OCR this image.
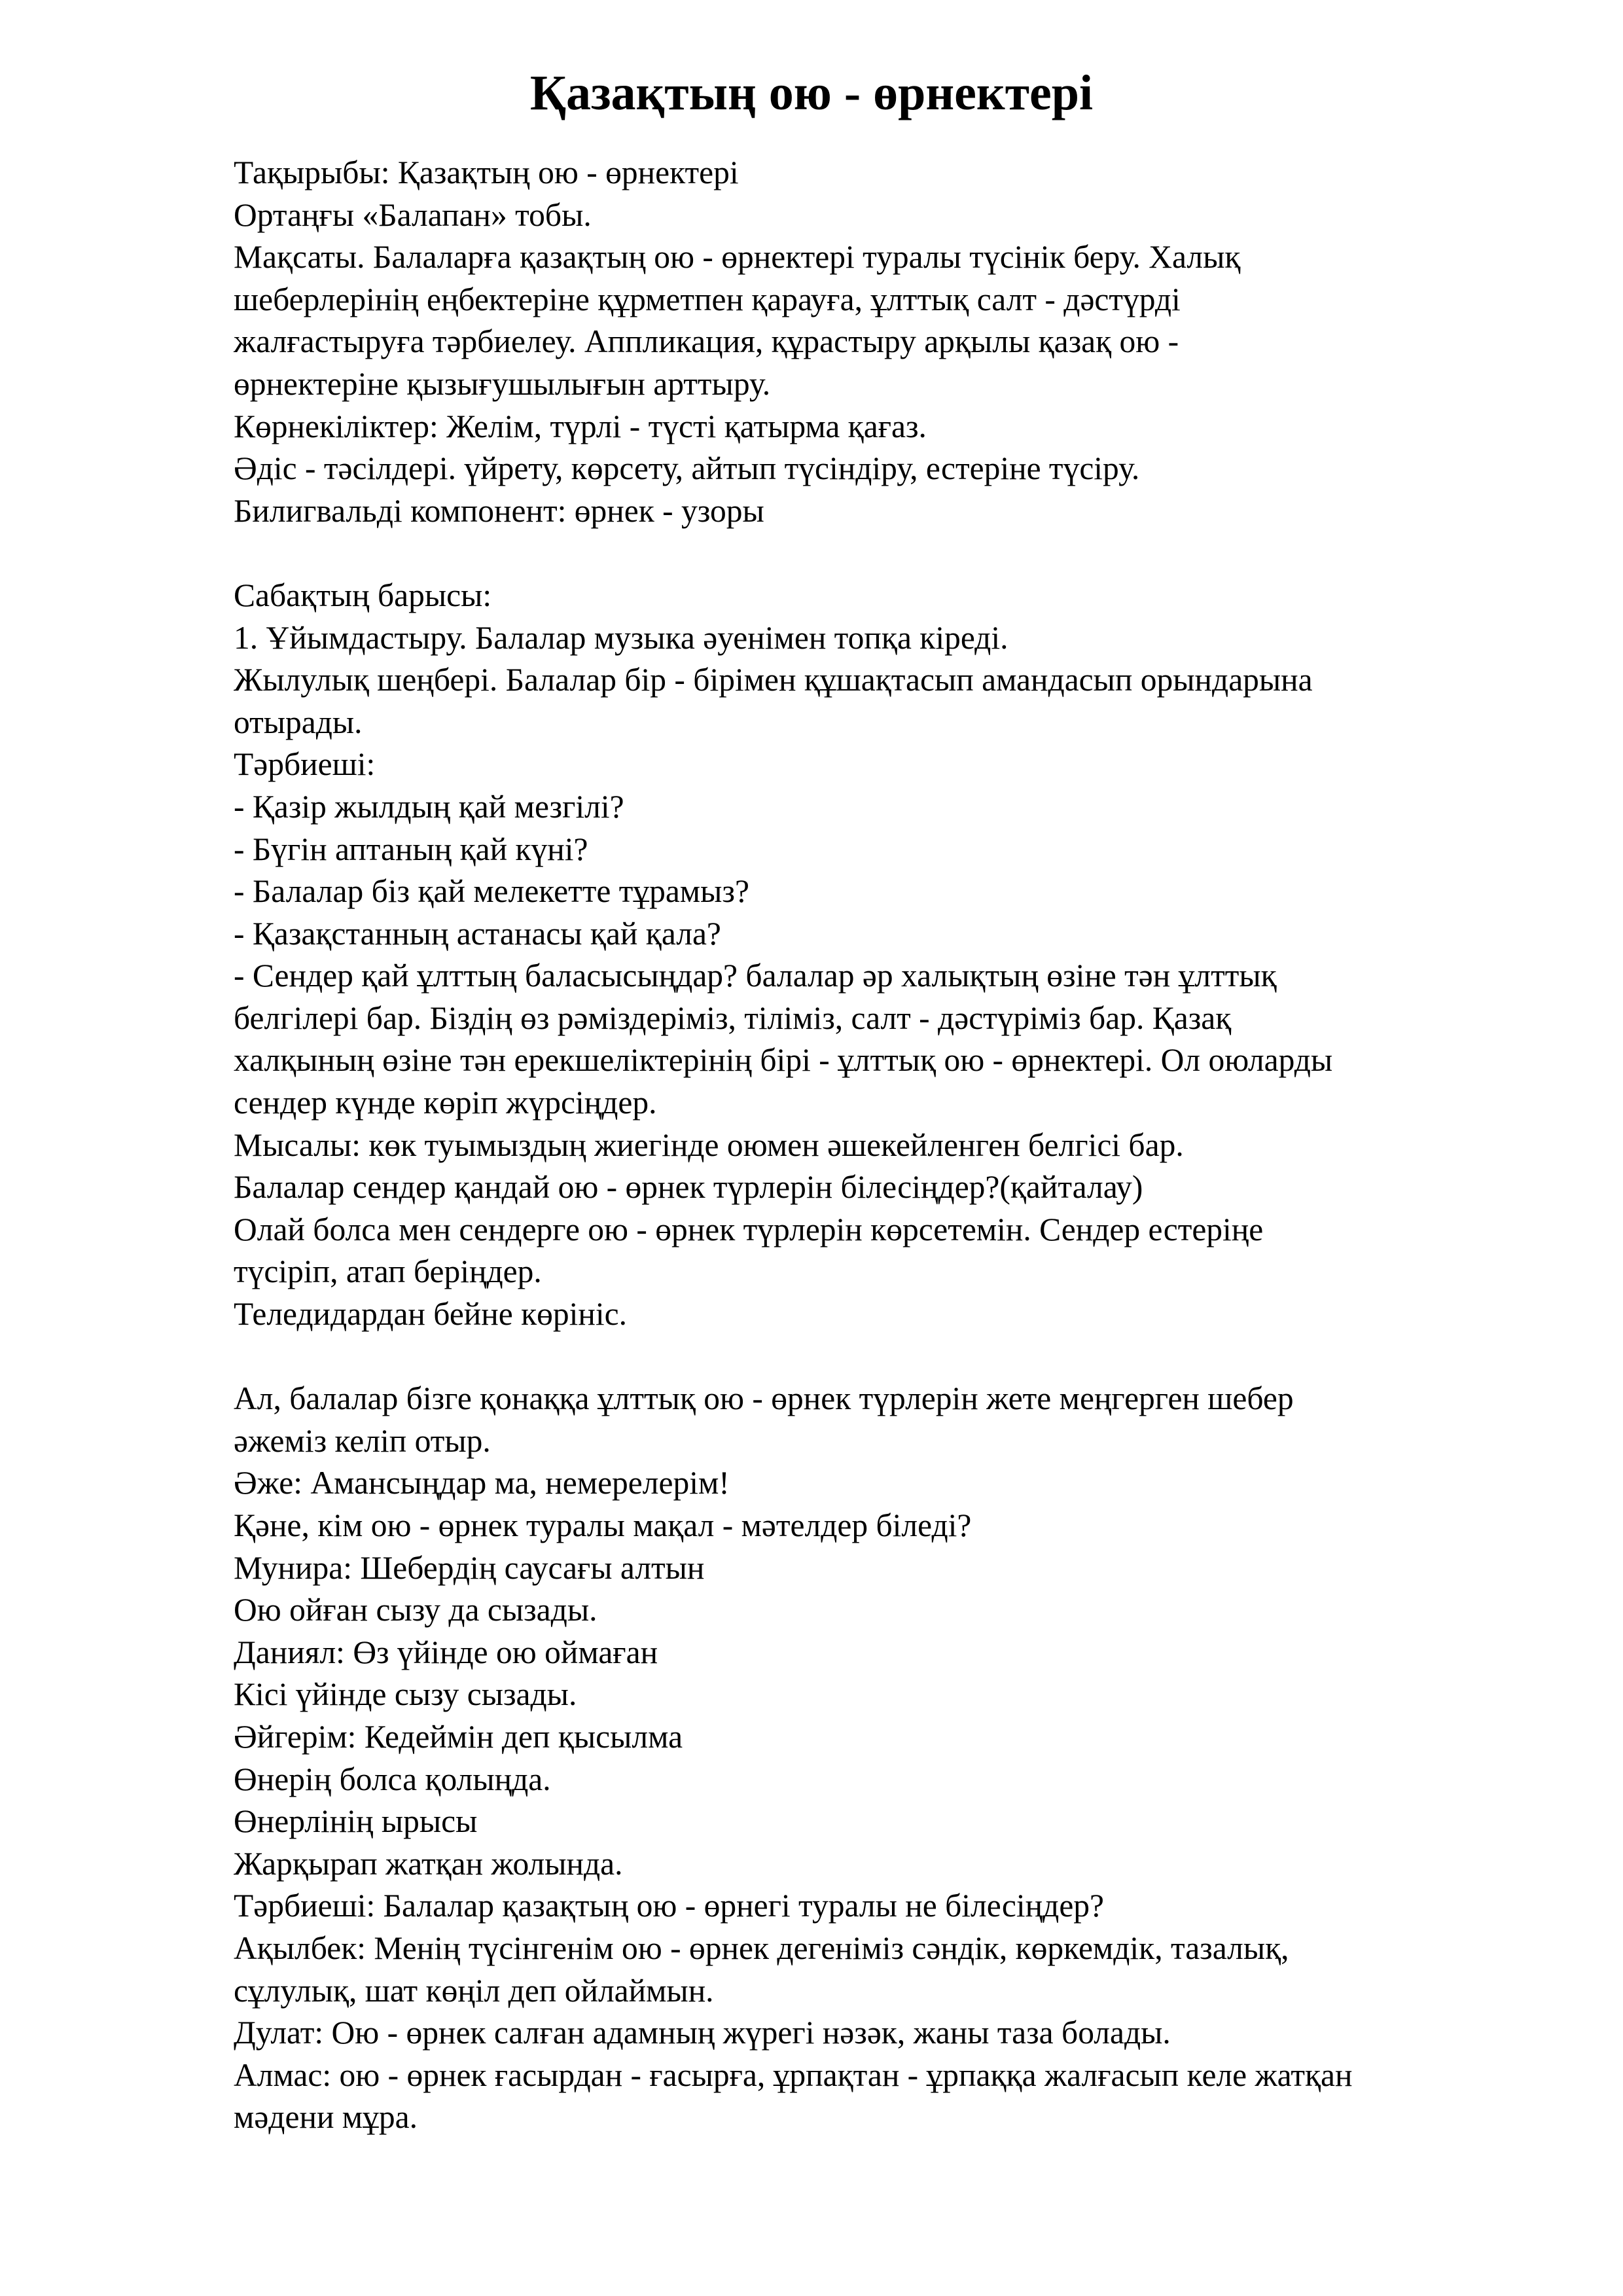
Қазақтың ою - өрнектері

Тақырыбы: Қазақтың ою - өрнектері

Ортаңғы «Балапан» тобы.

Мақсаты. Балаларға қазақтың ою - өрнектері туралы түсінік беру. Халық

шеберлерінің еңбектеріне құрметпен қарауға, ұлттық салт - дәстүрді

жалғастыруға тәрбиелеу. Аппликация, құрастыру арқылы қазақ ою -

өрнектеріне қызығушылығын арттыру.

Көрнекіліктер: Желім, түрлі - түсті қатырма қағаз.

Әдіс - тәсілдері. үйрету, көрсету, айтып түсіндіру, естеріне түсіру.

Билигвальді компонент: өрнек - узоры

Сабақтың барысы:

1. Ұйымдастыру. Балалар музыка әуенімен топқа кіреді.

Жылулық шеңбері. Балалар бір - бірімен құшақтасып амандасып орындарына

отырады.

Тәрбиеші:

- Қазір жылдың қай мезгілі?

- Бүгін аптаның қай күні?

- Балалар біз қай мелекетте тұрамыз?

- Қазақстанның астанасы қай қала?

- Сендер қай ұлттың баласысыңдар? балалар әр халықтың өзіне тән ұлттық

белгілері бар. Біздің өз рәміздеріміз, тіліміз, салт - дәстүріміз бар. Қазақ

халқының өзіне тән ерекшеліктерінің бірі - ұлттық ою - өрнектері. Ол оюларды

сендер күнде көріп жүрсіңдер.

Мысалы: көк туымыздың жиегінде оюмен әшекейленген белгісі бар.

Балалар сендер қандай ою - өрнек түрлерін білесіңдер?(қайталау)

Олай болса мен сендерге ою - өрнек түрлерін көрсетемін. Сендер естеріңе

түсіріп, атап беріңдер.

Теледидардан бейне көрініс.

Ал, балалар бізге қонаққа ұлттық ою - өрнек түрлерін жете меңгерген шебер

әжеміз келіп отыр.

Әже: Амансыңдар ма, немерелерім!

Қәне, кім ою - өрнек туралы мақал - мәтелдер біледі?

Мунира: Шебердің саусағы алтын

Ою ойған сызу да сызады.

Даниял: Өз үйінде ою оймаған

Кісі үйінде сызу сызады.

Әйгерім: Кедеймін деп қысылма

Өнерің болса қолыңда.

Өнерлінің ырысы

Жарқырап жатқан жолында.

Тәрбиеші: Балалар қазақтың ою - өрнегі туралы не білесіңдер?

Ақылбек: Менің түсінгенім ою - өрнек дегеніміз сәндік, көркемдік, тазалық,

сұлулық, шат көңіл деп ойлаймын.

Дулат: Ою - өрнек салған адамның жүрегі нәзәк, жаны таза болады.

Алмас: ою - өрнек ғасырдан - ғасырға, ұрпақтан - ұрпаққа жалғасып келе жатқан

мәдени мұра.
